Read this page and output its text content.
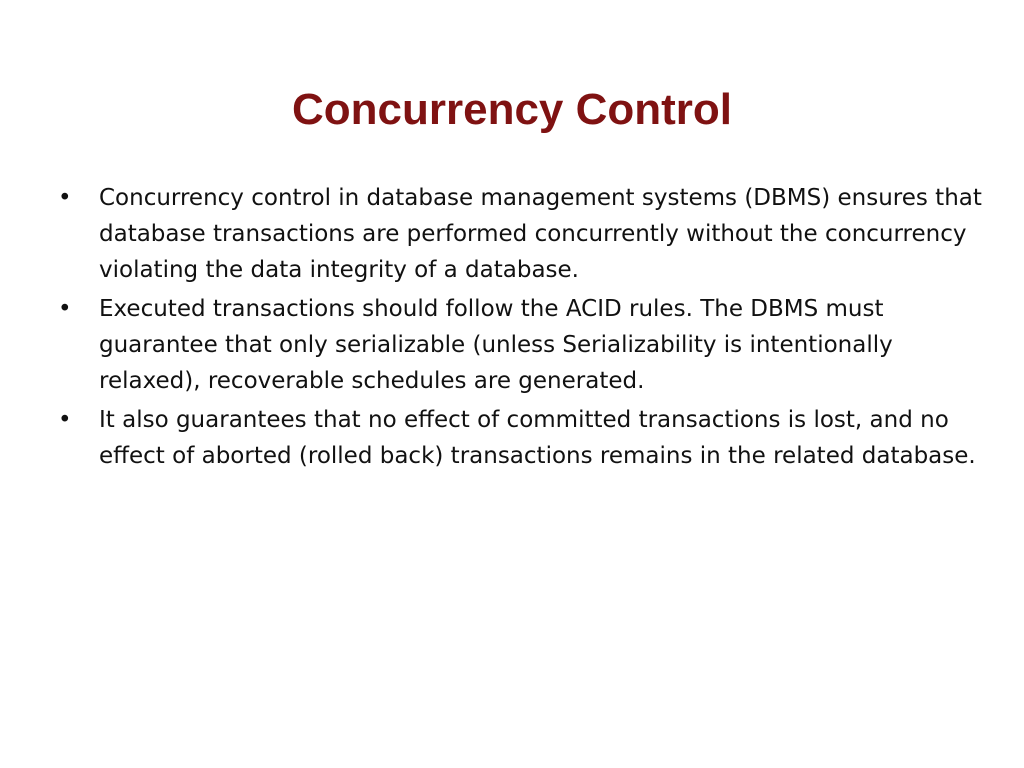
Concurrency Control
• Concurrency control in database management systems (DBMS) ensures that database transactions are performed concurrently without the concurrency violating the data integrity of a database.
• Executed transactions should follow the ACID rules. The DBMS must guarantee that only serializable (unless Serializability is intentionally relaxed), recoverable schedules are generated.
• It also guarantees that no effect of committed transactions is lost, and no effect of aborted (rolled back) transactions remains in the related database.
